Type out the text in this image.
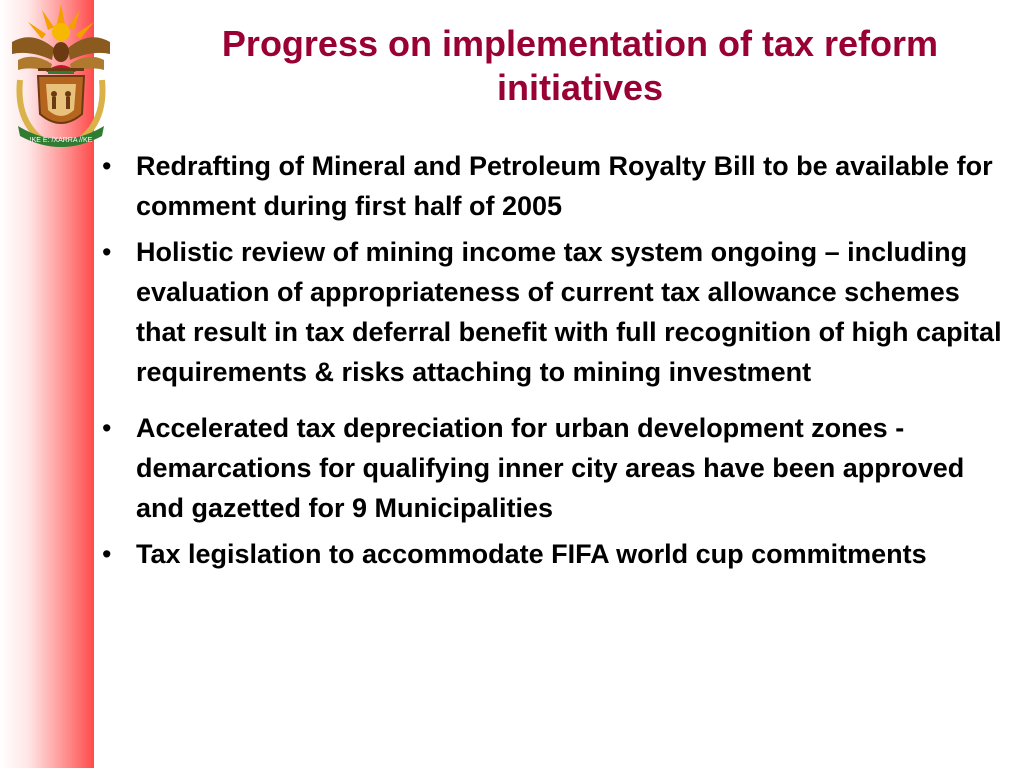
!KE E: /XARRA //KE
Progress on implementation of tax reform initiatives
• Redrafting of Mineral and Petroleum Royalty Bill to be available for comment during first half of 2005
• Holistic review of mining income tax system ongoing – including evaluation of appropriateness of current tax allowance schemes that result in tax deferral benefit with full recognition of high capital requirements & risks attaching to mining investment
• Accelerated tax depreciation for urban development zones - demarcations for qualifying inner city areas have been approved and gazetted for 9 Municipalities
• Tax legislation to accommodate FIFA world cup commitments
